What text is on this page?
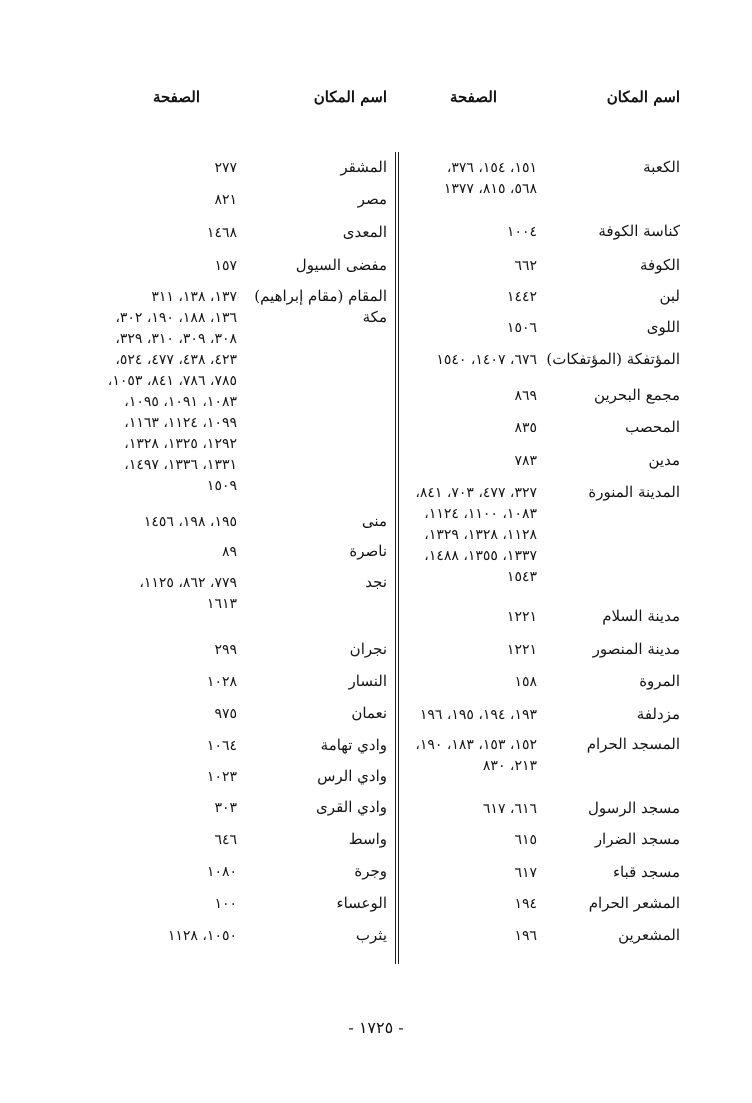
اسم المكان
الصفحة
اسم المكان
الصفحة
الكعبة
١٥١، ١٥٤، ٣٧٦،
٥٦٨، ٨١٥، ١٣٧٧
كناسة الكوفة
١٠٠٤
الكوفة
٦٦٢
لبن
١٤٤٢
اللوى
١٥٠٦
المؤتفكة (المؤتفكات)
٦٧٦، ١٤٠٧، ١٥٤٠
مجمع البحرين
٨٦٩
المحصب
٨٣٥
مدين
٧٨٣
المدينة المنورة
٣٢٧، ٤٧٧، ٧٠٣، ٨٤١،
١٠٨٣، ١١٠٠، ١١٢٤،
١١٢٨، ١٣٢٨، ١٣٢٩،
١٣٣٧، ١٣٥٥، ١٤٨٨،
١٥٤٣
مدينة السلام
١٢٢١
مدينة المنصور
١٢٢١
المروة
١٥٨
مزدلفة
١٩٣، ١٩٤، ١٩٥، ١٩٦
المسجد الحرام
١٥٢، ١٥٣، ١٨٣، ١٩٠،
٢١٣، ٨٣٠
مسجد الرسول
٦١٦، ٦١٧
مسجد الضرار
٦١٥
مسجد قباء
٦١٧
المشعر الحرام
١٩٤
المشعرين
١٩٦
المشقر
٢٧٧
مصر
٨٢١
المعدى
١٤٦٨
مفضى السيول
١٥٧
المقام (مقام إبراهيم)
١٣٧، ١٣٨، ٣١١
مكة
١٣٦، ١٨٨، ١٩٠، ٣٠٢،
٣٠٨، ٣٠٩، ٣١٠، ٣٢٩،
٤٢٣، ٤٣٨، ٤٧٧، ٥٢٤،
٧٨٥، ٧٨٦، ٨٤١، ١٠٥٣،
١٠٨٣، ١٠٩١، ١٠٩٥،
١٠٩٩، ١١٢٤، ١١٦٣،
١٢٩٢، ١٣٢٥، ١٣٢٨،
١٣٣١، ١٣٣٦، ١٤٩٧،
١٥٠٩
منى
١٩٥، ١٩٨، ١٤٥٦
ناصرة
٨٩
نجد
٧٧٩، ٨٦٢، ١١٢٥،
١٦١٣
نجران
٢٩٩
النسار
١٠٢٨
نعمان
٩٧٥
وادي تهامة
١٠٦٤
وادي الرس
١٠٢٣
وادي القرى
٣٠٣
واسط
٦٤٦
وجرة
١٠٨٠
الوعساء
١٠٠
يثرب
١٠٥٠، ١١٢٨
- ١٧٢٥ -
